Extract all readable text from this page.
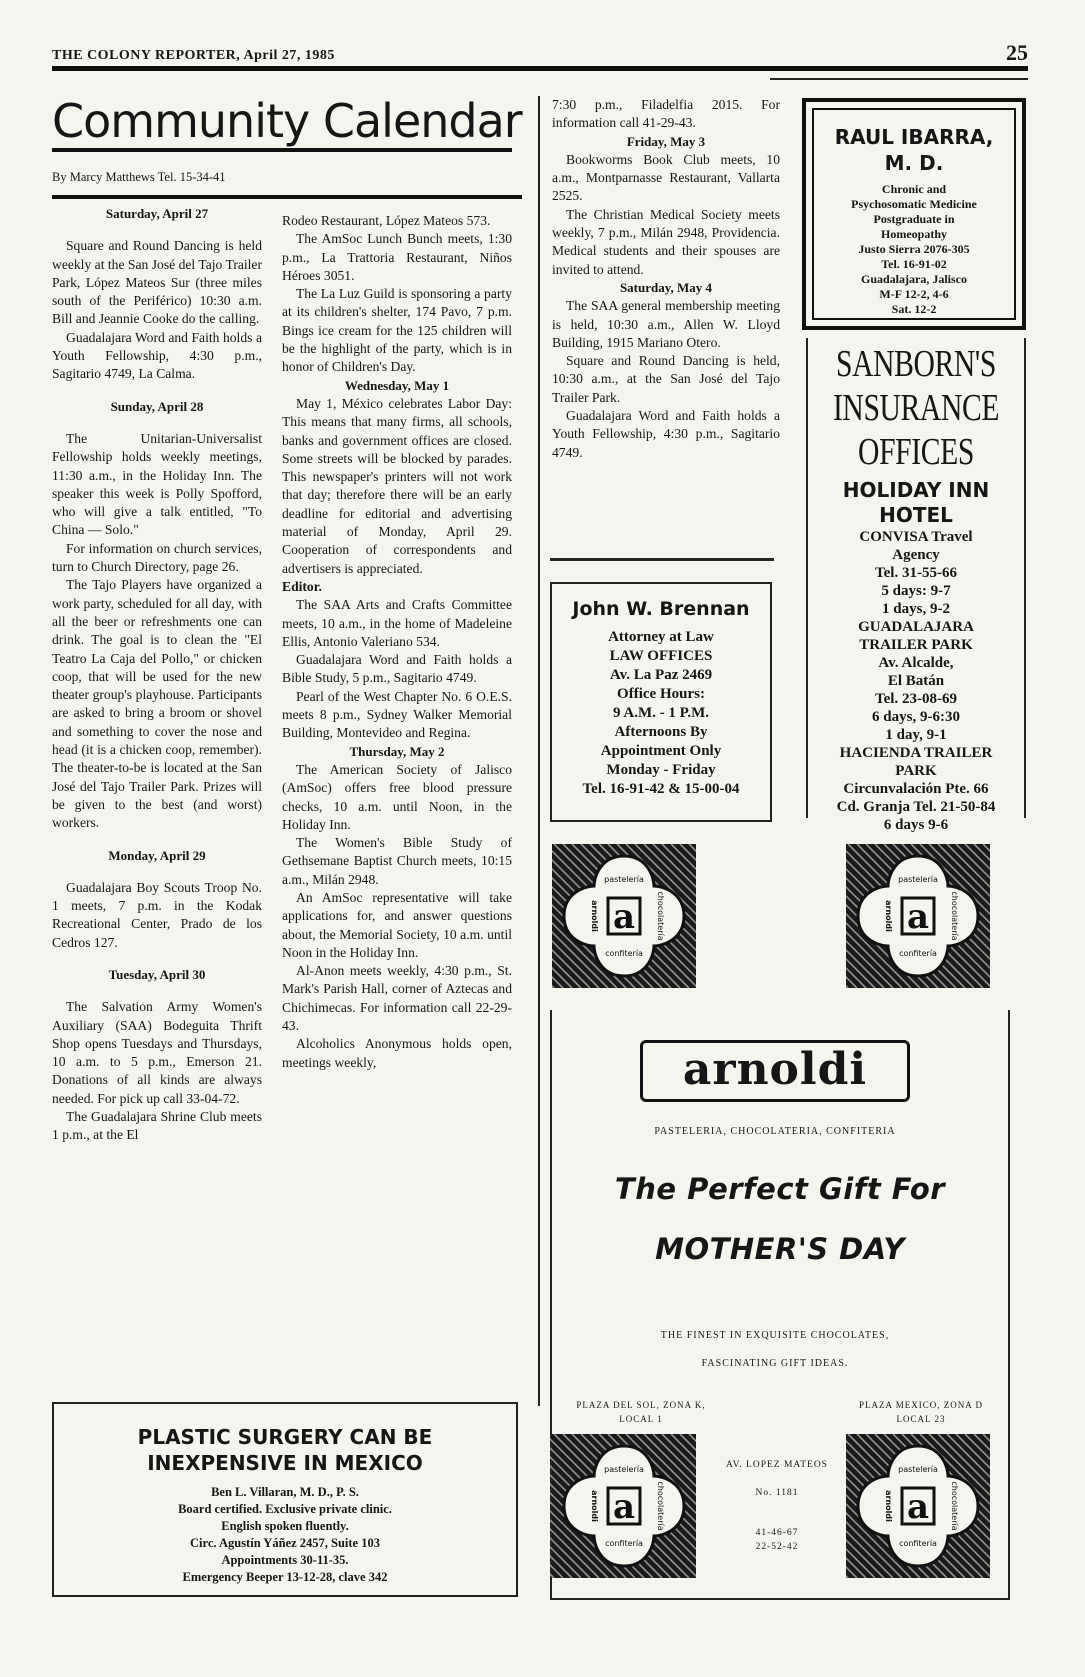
THE COLONY REPORTER, April 27, 1985	25
Community Calendar
By Marcy Matthews Tel. 15-34-41
Saturday, April 27

Square and Round Dancing is held weekly at the San José del Tajo Trailer Park, López Mateos Sur (three miles south of the Periférico) 10:30 a.m. Bill and Jeannie Cooke do the calling.

Guadalajara Word and Faith holds a Youth Fellowship, 4:30 p.m., Sagitario 4749, La Calma.

Sunday, April 28

The Unitarian-Universalist Fellowship holds weekly meetings, 11:30 a.m., in the Holiday Inn. The speaker this week is Polly Spofford, who will give a talk entitled, "To China — Solo."

For information on church services, turn to Church Directory, page 26.

The Tajo Players have organized a work party, scheduled for all day, with all the beer or refreshments one can drink. The goal is to clean the "El Teatro La Caja del Pollo," or chicken coop, that will be used for the new theater group's playhouse. Participants are asked to bring a broom or shovel and something to cover the nose and head (it is a chicken coop, remember). The theater-to-be is located at the San José del Tajo Trailer Park. Prizes will be given to the best (and worst) workers.

Monday, April 29

Guadalajara Boy Scouts Troop No. 1 meets, 7 p.m. in the Kodak Recreational Center, Prado de los Cedros 127.

Tuesday, April 30

The Salvation Army Women's Auxiliary (SAA) Bodeguita Thrift Shop opens Tuesdays and Thursdays, 10 a.m. to 5 p.m., Emerson 21. Donations of all kinds are always needed. For pick up call 33-04-72.

The Guadalajara Shrine Club meets 1 p.m., at the El

Rodeo Restaurant, López Mateos 573.

The AmSoc Lunch Bunch meets, 1:30 p.m., La Trattoria Restaurant, Niños Héroes 3051.

The La Luz Guild is sponsoring a party at its children's shelter, 174 Pavo, 7 p.m. Bings ice cream for the 125 children will be the highlight of the party, which is in honor of Children's Day.

Wednesday, May 1

May 1, México celebrates Labor Day: This means that many firms, all schools, banks and government offices are closed. Some streets will be blocked by parades. This newspaper's printers will not work that day; therefore there will be an early deadline for editorial and advertising material of Monday, April 29. Cooperation of correspondents and advertisers is appreciated.

Editor.

The SAA Arts and Crafts Committee meets, 10 a.m., in the home of Madeleine Ellis, Antonio Valeriano 534.

Guadalajara Word and Faith holds a Bible Study, 5 p.m., Sagitario 4749.

Pearl of the West Chapter No. 6 O.E.S. meets 8 p.m., Sydney Walker Memorial Building, Montevideo and Regina.

Thursday, May 2

The American Society of Jalisco (AmSoc) offers free blood pressure checks, 10 a.m. until Noon, in the Holiday Inn.

The Women's Bible Study of Gethsemane Baptist Church meets, 10:15 a.m., Milán 2948.

An AmSoc representative will take applications for, and answer questions about, the Memorial Society, 10 a.m. until Noon in the Holiday Inn.

Al-Anon meets weekly, 4:30 p.m., St. Mark's Parish Hall, corner of Aztecas and Chichimecas. For information call 22-29-43.

Alcoholics Anonymous holds open, meetings weekly,

7:30 p.m., Filadelfia 2015. For information call 41-29-43.

Friday, May 3

Bookworms Book Club meets, 10 a.m., Montparnasse Restaurant, Vallarta 2525.

The Christian Medical Society meets weekly, 7 p.m., Milán 2948, Providencia. Medical students and their spouses are invited to attend.

Saturday, May 4

The SAA general membership meeting is held, 10:30 a.m., Allen W. Lloyd Building, 1915 Mariano Otero.

Square and Round Dancing is held, 10:30 a.m., at the San José del Tajo Trailer Park.

Guadalajara Word and Faith holds a Youth Fellowship, 4:30 p.m., Sagitario 4749.

RAUL IBARRA,
M. D.
Chronic and
Psychosomatic Medicine
Postgraduate in
Homeopathy
Justo Sierra 2076-305
Tel. 16-91-02
Guadalajara, Jalisco
M-F 12-2, 4-6
Sat. 12-2
SANBORN'S
INSURANCE
OFFICES
HOLIDAY INN
HOTEL
CONVISA Travel
Agency
Tel. 31-55-66
5 days: 9-7
1 days, 9-2
GUADALAJARA
TRAILER PARK
Av. Alcalde,
El Batán
Tel. 23-08-69
6 days, 9-6:30
1 day, 9-1
HACIENDA TRAILER
PARK
Circunvalación Pte. 66
Cd. Granja Tel. 21-50-84
6 days 9-6
John W. Brennan
Attorney at Law
LAW OFFICES
Av. La Paz 2469
Office Hours:
9 A.M. - 1 P.M.
Afternoons By
Appointment Only
Monday - Friday
Tel. 16-91-42 & 15-00-04
a
pastelería
confitería
arnoldi	chocolatería	a
pastelería
confitería
arnoldi	chocolatería
arnoldi
PASTELERIA, CHOCOLATERIA, CONFITERIA
The Perfect Gift For
MOTHER'S DAY
THE FINEST IN EXQUISITE CHOCOLATES,
FASCINATING GIFT IDEAS.
PLAZA DEL SOL, ZONA K,
LOCAL 1
PLAZA MEXICO, ZONA D
LOCAL 23
a
pastelería
confitería
arnoldi	chocolatería	a
pastelería
confitería
arnoldi	chocolatería
AV. LOPEZ MATEOS
No. 1181
41-46-67
22-52-42
PLASTIC SURGERY CAN BE
INEXPENSIVE IN MEXICO
Ben L. Villaran, M. D., P. S.
Board certified. Exclusive private clinic.
English spoken fluently.
Circ. Agustín Yáñez 2457, Suite 103
Appointments 30-11-35.
Emergency Beeper 13-12-28, clave 342
